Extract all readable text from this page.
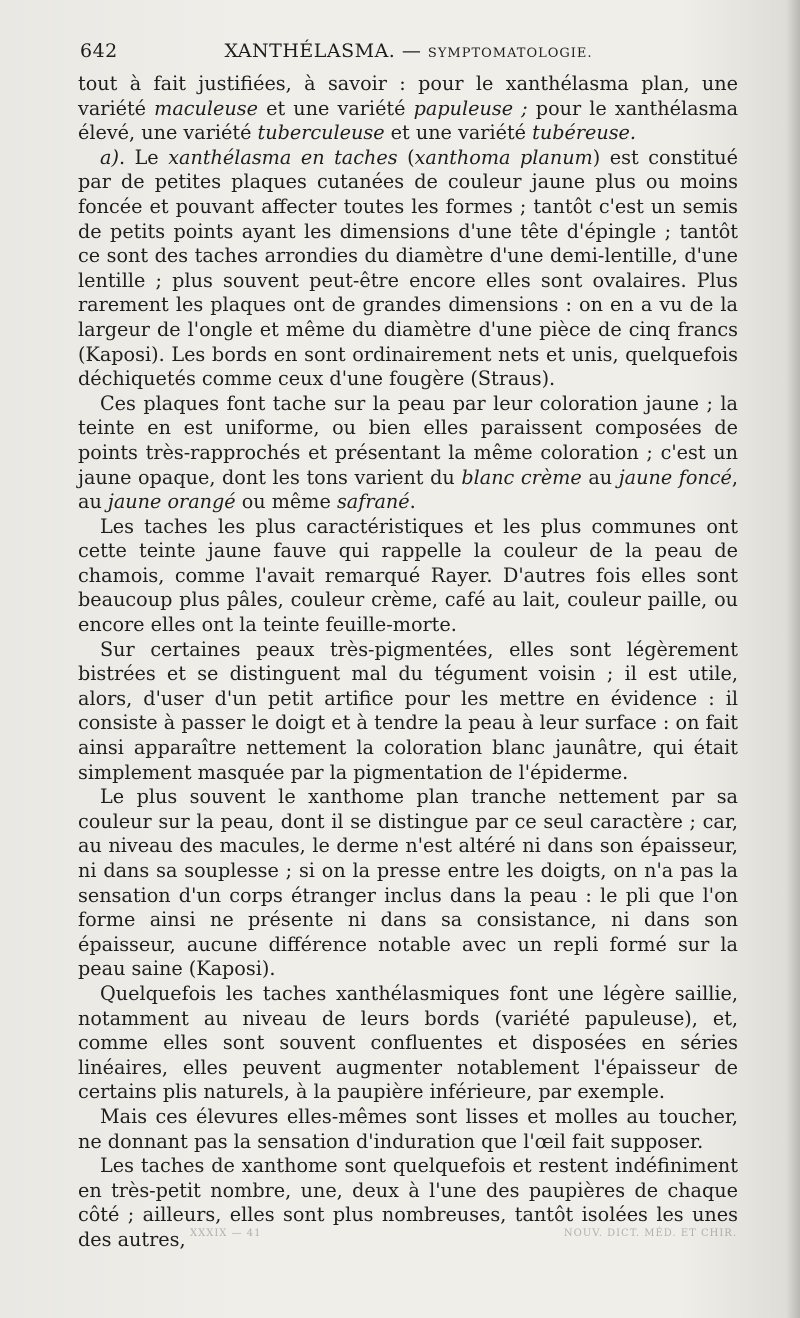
642	XANTHÉLASMA. — SYMPTOMATOLOGIE.

tout à fait justifiées, à savoir : pour le xanthélasma plan, une variété maculeuse et une variété papuleuse ; pour le xanthélasma élevé, une variété tuberculeuse et une variété tubéreuse.

a). Le xanthélasma en taches (xanthoma planum) est constitué par de petites plaques cutanées de couleur jaune plus ou moins foncée et pouvant affecter toutes les formes ; tantôt c'est un semis de petits points ayant les dimensions d'une tête d'épingle ; tantôt ce sont des taches arrondies du diamètre d'une demi-lentille, d'une lentille ; plus souvent peut-être encore elles sont ovalaires. Plus rarement les plaques ont de grandes dimensions : on en a vu de la largeur de l'ongle et même du diamètre d'une pièce de cinq francs (Kaposi). Les bords en sont ordinairement nets et unis, quelquefois déchiquetés comme ceux d'une fougère (Straus).

Ces plaques font tache sur la peau par leur coloration jaune ; la teinte en est uniforme, ou bien elles paraissent composées de points très-rapprochés et présentant la même coloration ; c'est un jaune opaque, dont les tons varient du blanc crème au jaune foncé, au jaune orangé ou même safrané.

Les taches les plus caractéristiques et les plus communes ont cette teinte jaune fauve qui rappelle la couleur de la peau de chamois, comme l'avait remarqué Rayer. D'autres fois elles sont beaucoup plus pâles, couleur crème, café au lait, couleur paille, ou encore elles ont la teinte feuille-morte.

Sur certaines peaux très-pigmentées, elles sont légèrement bistrées et se distinguent mal du tégument voisin ; il est utile, alors, d'user d'un petit artifice pour les mettre en évidence : il consiste à passer le doigt et à tendre la peau à leur surface : on fait ainsi apparaître nettement la coloration blanc jaunâtre, qui était simplement masquée par la pigmentation de l'épiderme.

Le plus souvent le xanthome plan tranche nettement par sa couleur sur la peau, dont il se distingue par ce seul caractère ; car, au niveau des macules, le derme n'est altéré ni dans son épaisseur, ni dans sa souplesse ; si on la presse entre les doigts, on n'a pas la sensation d'un corps étranger inclus dans la peau : le pli que l'on forme ainsi ne présente ni dans sa consistance, ni dans son épaisseur, aucune différence notable avec un repli formé sur la peau saine (Kaposi).

Quelquefois les taches xanthélasmiques font une légère saillie, notamment au niveau de leurs bords (variété papuleuse), et, comme elles sont souvent confluentes et disposées en séries linéaires, elles peuvent augmenter notablement l'épaisseur de certains plis naturels, à la paupière inférieure, par exemple.

Mais ces élevures elles-mêmes sont lisses et molles au toucher, ne donnant pas la sensation d'induration que l'œil fait supposer.

Les taches de xanthome sont quelquefois et restent indéfiniment en très-petit nombre, une, deux à l'une des paupières de chaque côté ; ailleurs, elles sont plus nombreuses, tantôt isolées les unes des autres, XXXIX — 41	NOUV. DICT. MÉD. ET CHIR.
